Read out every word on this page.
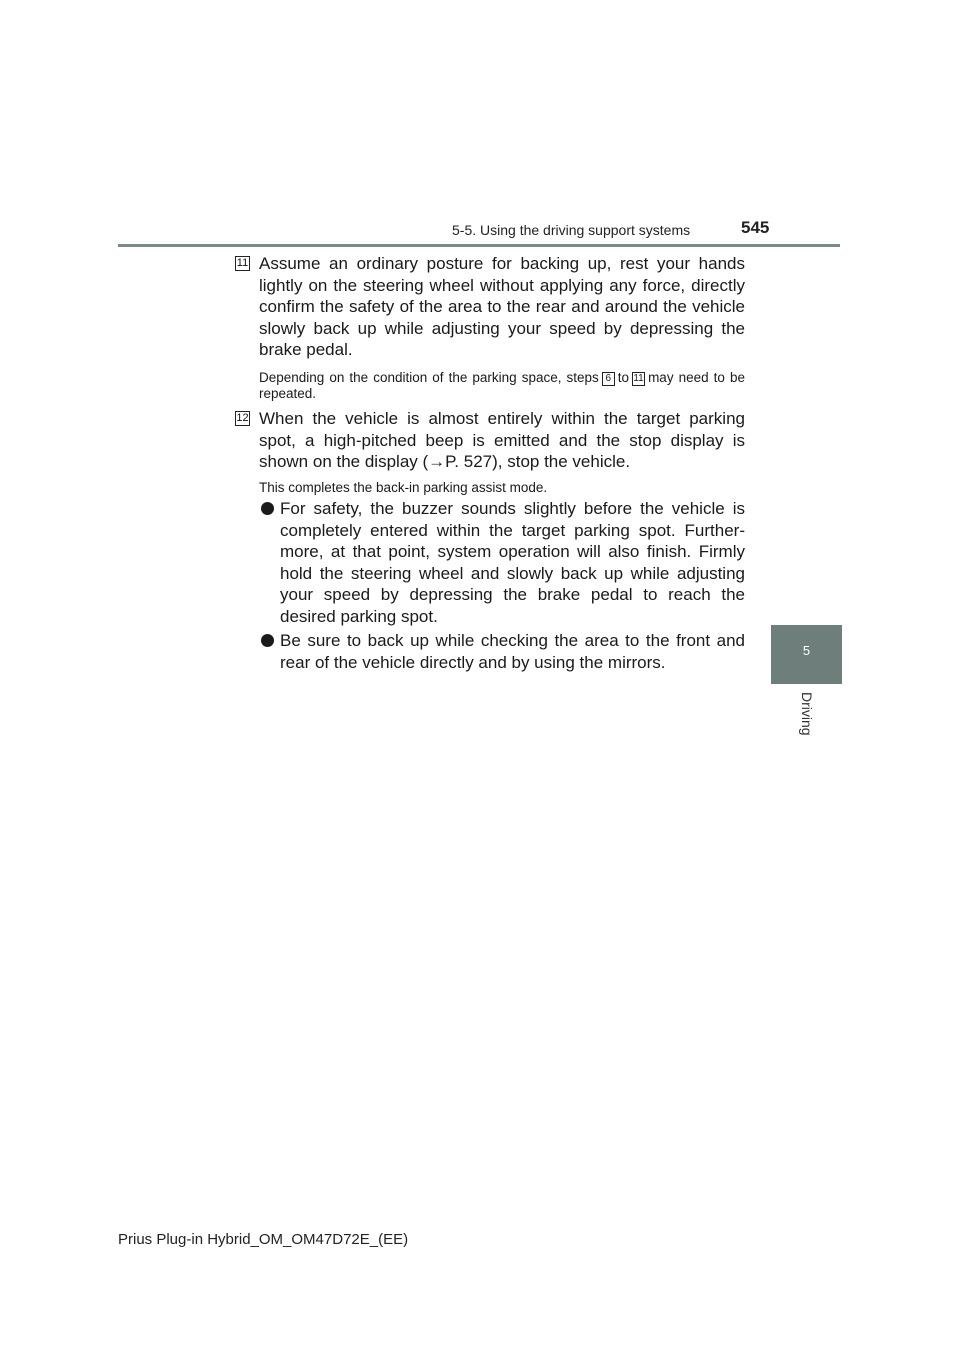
5-5. Using the driving support systems	545
5
Driving
11 Assume an ordinary posture for backing up, rest your hands lightly on the steering wheel without applying any force, directly confirm the safety of the area to the rear and around the vehicle slowly back up while adjusting your speed by depressing the brake pedal.
Depending on the condition of the parking space, steps 6 to 11 may need to be repeated.
12 When the vehicle is almost entirely within the target parking spot, a high-pitched beep is emitted and the stop display is shown on the display (→P. 527), stop the vehicle.
This completes the back-in parking assist mode.
For safety, the buzzer sounds slightly before the vehicle is completely entered within the target parking spot. Further-more, at that point, system operation will also finish. Firmly hold the steering wheel and slowly back up while adjusting your speed by depressing the brake pedal to reach the desired parking spot.
Be sure to back up while checking the area to the front and rear of the vehicle directly and by using the mirrors.
Prius Plug-in Hybrid_OM_OM47D72E_(EE)
